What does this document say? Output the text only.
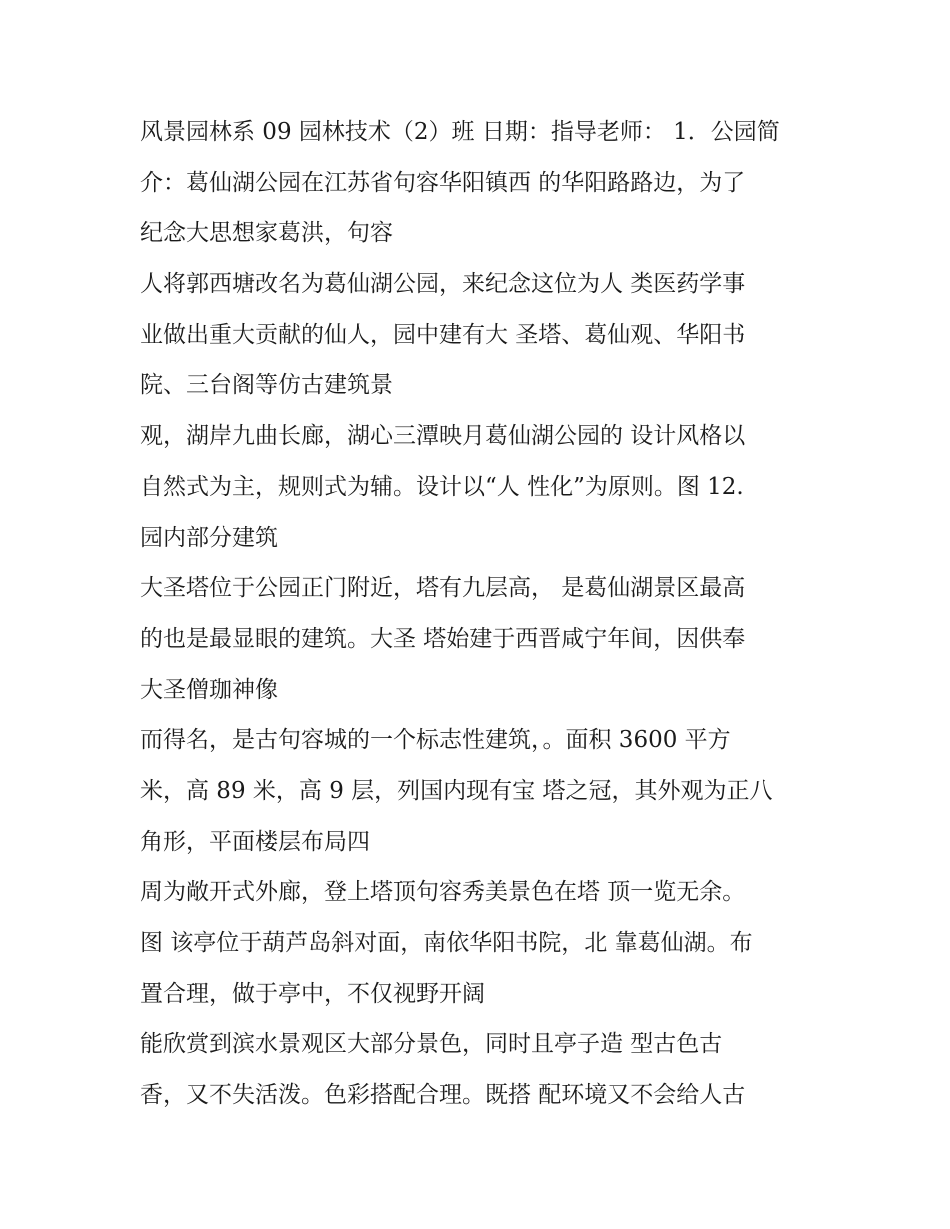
风景园林系 09 园林技术（2）班 日期：指导老师： 1．公园简
介：葛仙湖公园在江苏省句容华阳镇西 的华阳路路边，为了
纪念大思想家葛洪，句容
人将郭西塘改名为葛仙湖公园，来纪念这位为人 类医药学事
业做出重大贡献的仙人，园中建有大 圣塔、葛仙观、华阳书
院、三台阁等仿古建筑景
观，湖岸九曲长廊，湖心三潭映月葛仙湖公园的 设计风格以
自然式为主，规则式为辅。设计以“人 性化”为原则。图 12.
园内部分建筑
大圣塔位于公园正门附近，塔有九层高， 是葛仙湖景区最高
的也是最显眼的建筑。大圣 塔始建于西晋咸宁年间，因供奉
大圣僧珈神像
而得名，是古句容城的一个标志性建筑，。面积 3600 平方
米，高 89 米，高 9 层，列国内现有宝 塔之冠，其外观为正八
角形，平面楼层布局四
周为敞开式外廊，登上塔顶句容秀美景色在塔 顶一览无余。
图 该亭位于葫芦岛斜对面，南依华阳书院，北 靠葛仙湖。布
置合理，做于亭中，不仅视野开阔
能欣赏到滨水景观区大部分景色，同时且亭子造 型古色古
香，又不失活泼。色彩搭配合理。既搭 配环境又不会给人古
